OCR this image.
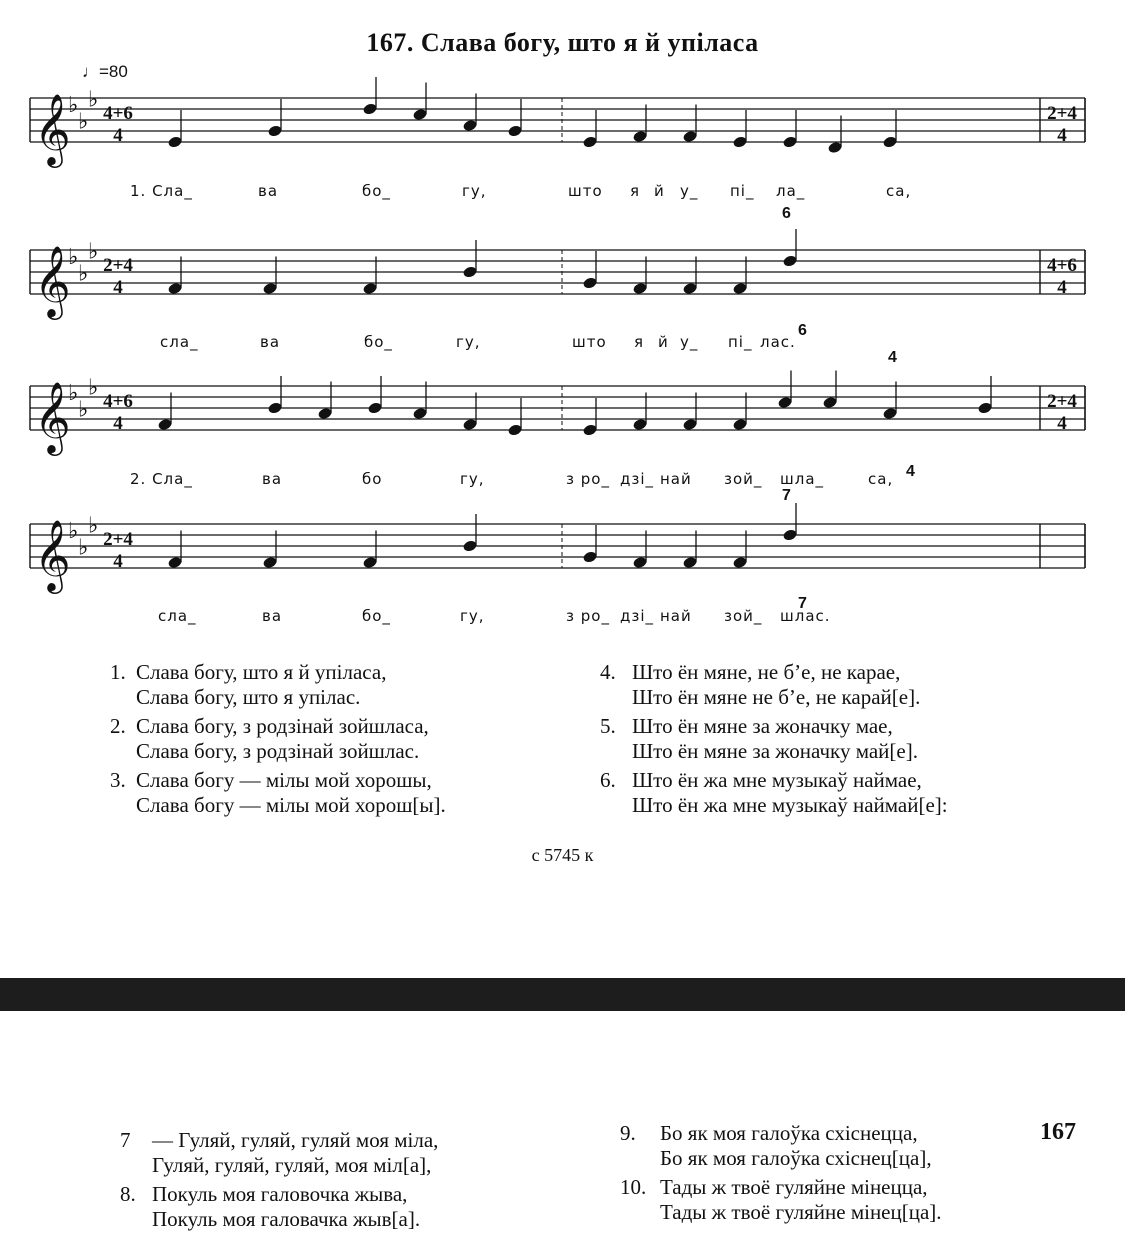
167. Слава богу, што я й упіласа
♩=80
𝄞
♭
♭
♭
4+6
4
2+4
4
𝄞
♭
♭
♭
2+4
4
4+6
4
𝄞
♭
♭
♭
4+6
4
2+4
4
𝄞
♭
♭
♭
2+4
4
6
6
4
4
7
7
1. Сла_	ва	бо_	гу,	што я й у_ пі_ ла_	са,
сла_	ва	бо_	гу,	што я й у_ пі_ лас.
2. Сла_	ва	бо	гу,	з ро_ дзі_ най зой_ шла_	са,
сла_	ва	бо_	гу,	з ро_ дзі_ най зой_ шлас.
1. Слава богу, што я й упіласа,
Слава богу, што я упілас.
2. Слава богу, з родзінай зойшласа,
Слава богу, з родзінай зойшлас.
3. Слава богу — мілы мой хорошы,
Слава богу — мілы мой хорош[ы].
4. Што ён мяне, не б’е, не карае,
Што ён мяне не б’е, не карай[е].
5. Што ён мяне за жоначку мае,
Што ён мяне за жоначку май[е].
6. Што ён жа мне музыкаў наймае,
Што ён жа мне музыкаў наймай[е]:
с 5745 к
7 — Гуляй, гуляй, гуляй моя міла,
Гуляй, гуляй, гуляй, моя міл[а],
8. Покуль моя галовочка жыва,
Покуль моя галовачка жыв[а].
9. Бо як моя галоўка схіснецца,
Бо як моя галоўка схіснец[ца],
10. Тады ж твоё гуляйне мінецца,
Тады ж твоё гуляйне мінец[ца].
167
